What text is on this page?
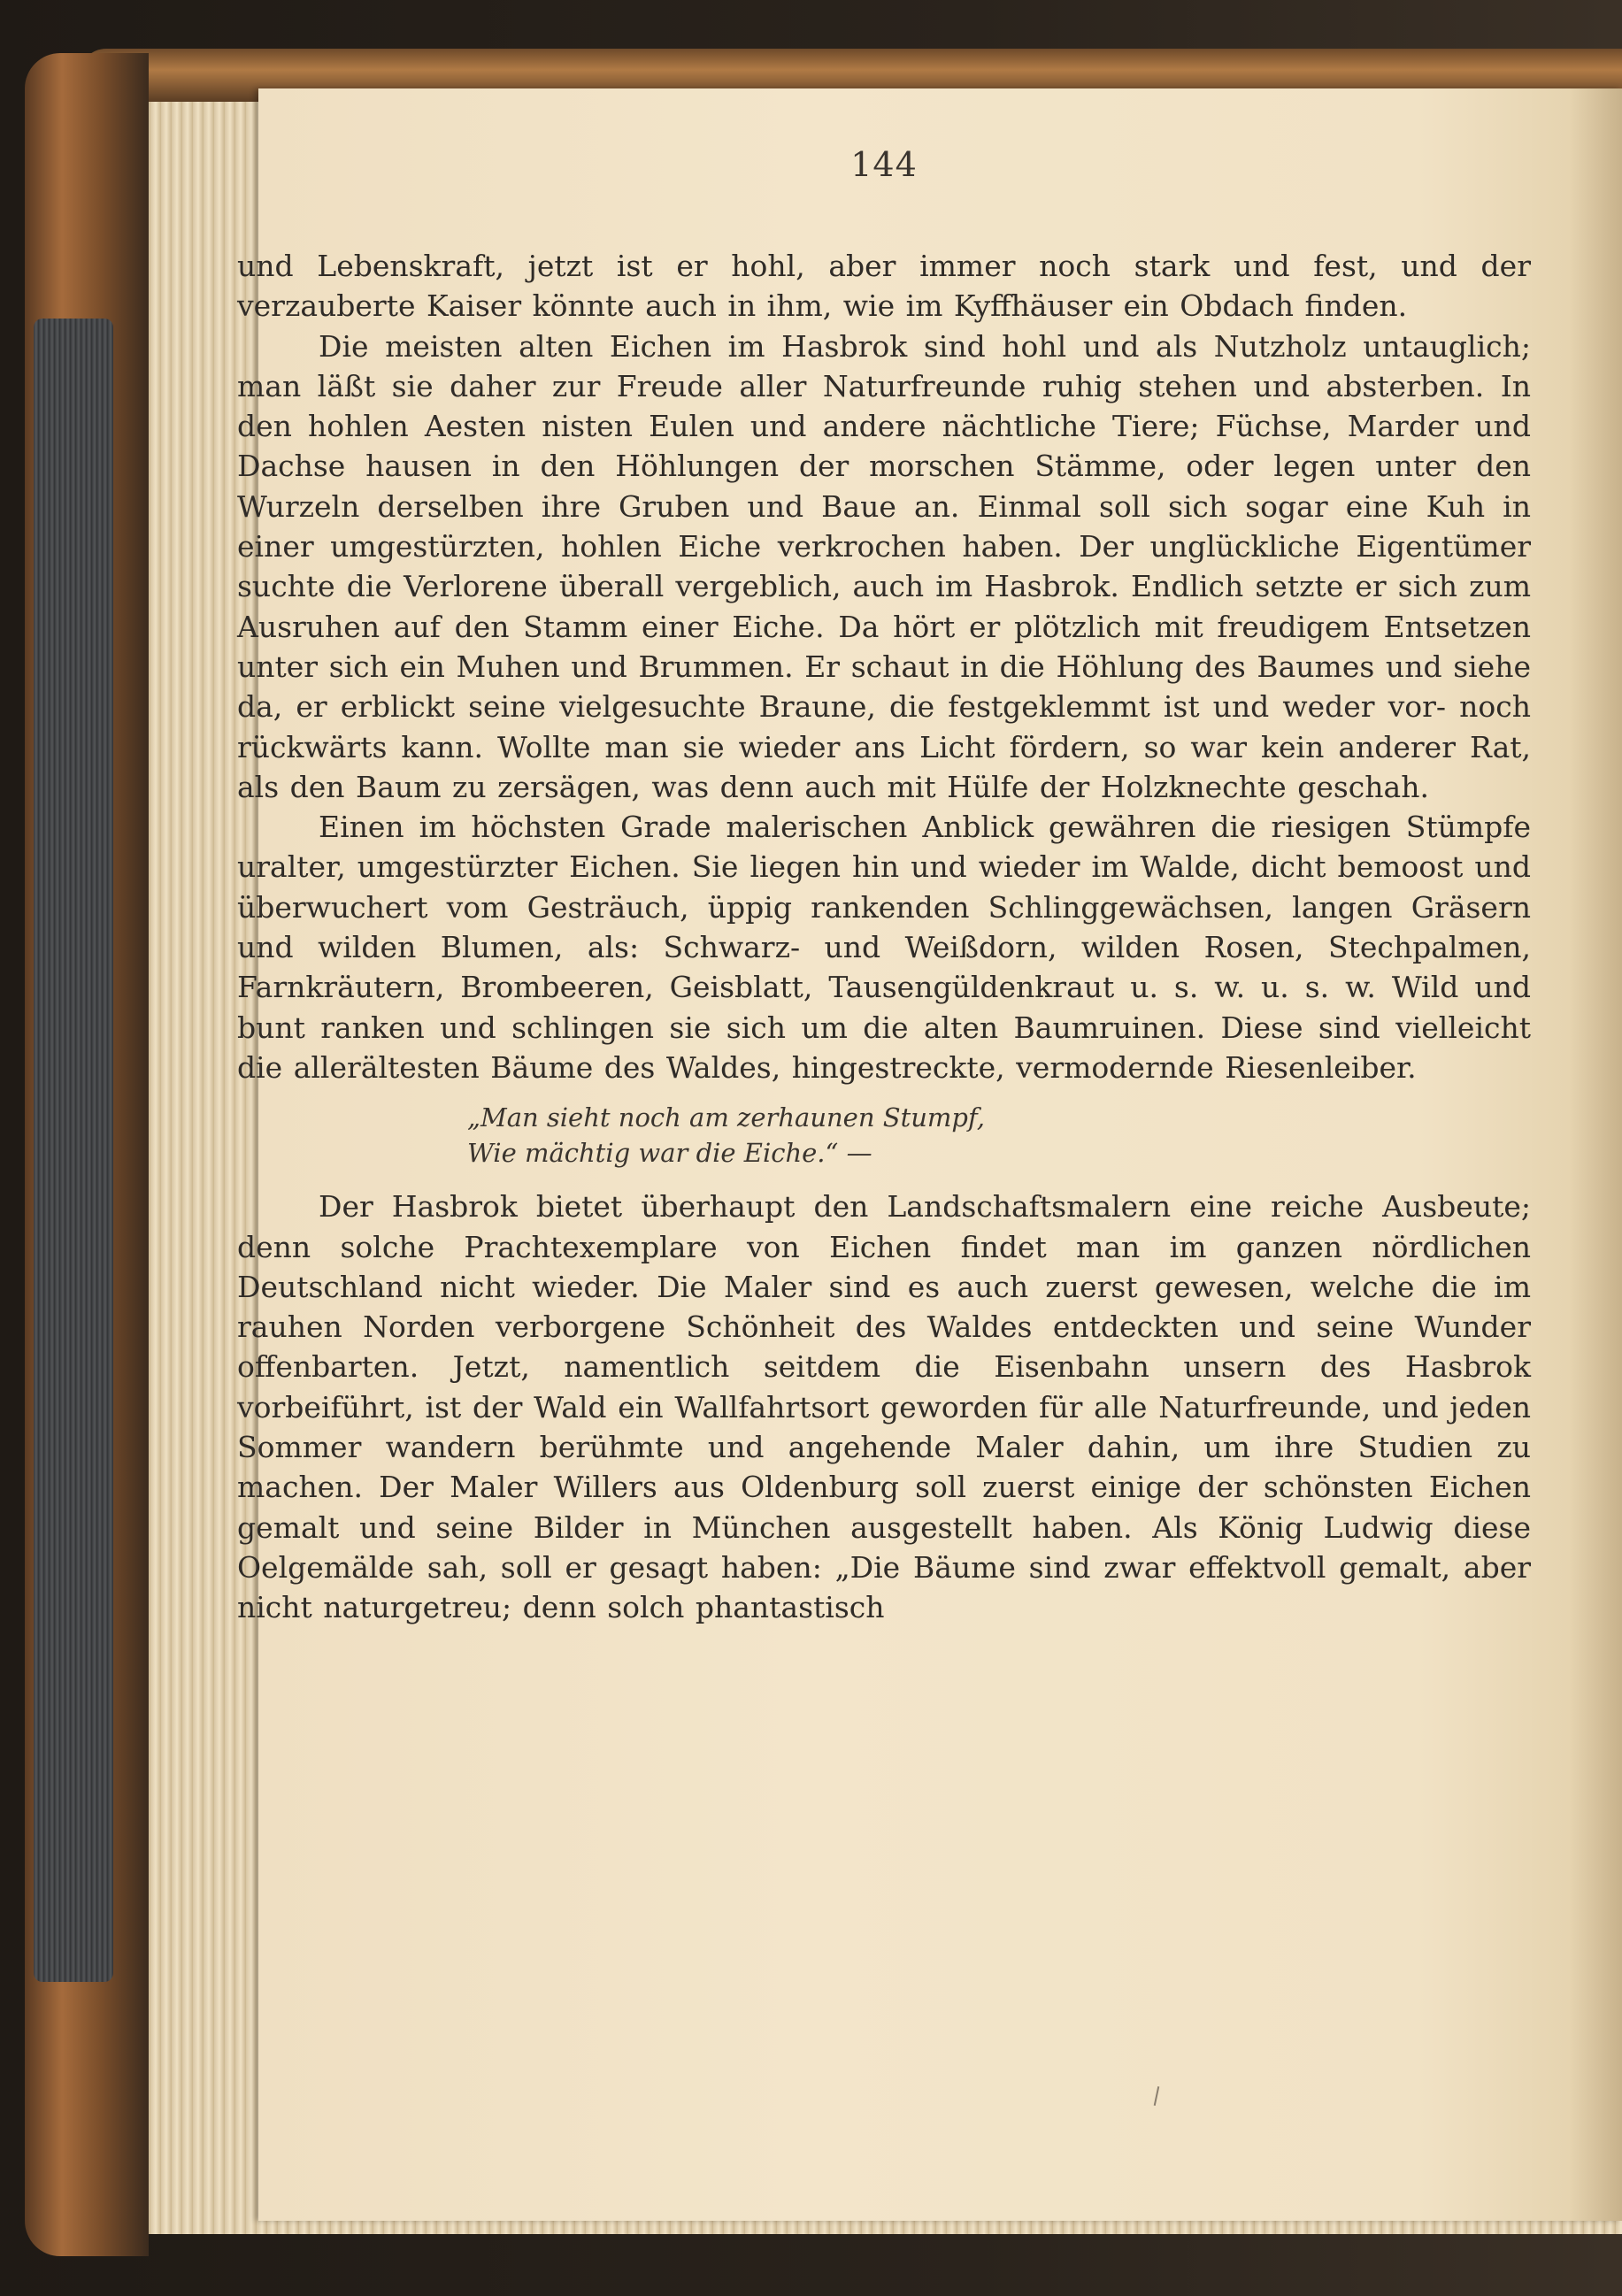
144

und Lebenskraft, jetzt ist er hohl, aber immer noch stark und fest, und der verzauberte Kaiser könnte auch in ihm, wie im Kyffhäuser ein Obdach finden.

Die meisten alten Eichen im Hasbrok sind hohl und als Nutzholz untauglich; man läßt sie daher zur Freude aller Naturfreunde ruhig stehen und absterben. In den hohlen Aesten nisten Eulen und andere nächtliche Tiere; Füchse, Marder und Dachse hausen in den Höhlungen der morschen Stämme, oder legen unter den Wurzeln derselben ihre Gruben und Baue an. Einmal soll sich sogar eine Kuh in einer umgestürzten, hohlen Eiche verkrochen haben. Der unglückliche Eigentümer suchte die Verlorene überall vergeblich, auch im Hasbrok. Endlich setzte er sich zum Ausruhen auf den Stamm einer Eiche. Da hört er plötzlich mit freudigem Entsetzen unter sich ein Muhen und Brummen. Er schaut in die Höhlung des Baumes und siehe da, er erblickt seine vielgesuchte Braune, die festgeklemmt ist und weder vor- noch rückwärts kann. Wollte man sie wieder ans Licht fördern, so war kein anderer Rat, als den Baum zu zersägen, was denn auch mit Hülfe der Holzknechte geschah.

Einen im höchsten Grade malerischen Anblick gewähren die riesigen Stümpfe uralter, umgestürzter Eichen. Sie liegen hin und wieder im Walde, dicht bemoost und überwuchert vom Gesträuch, üppig rankenden Schlinggewächsen, langen Gräsern und wilden Blumen, als: Schwarz- und Weißdorn, wilden Rosen, Stechpalmen, Farnkräutern, Brombeeren, Geisblatt, Tausengüldenkraut u. s. w. u. s. w. Wild und bunt ranken und schlingen sie sich um die alten Baumruinen. Diese sind vielleicht die allerältesten Bäume des Waldes, hingestreckte, vermodernde Riesenleiber.

„Man sieht noch am zerhaunen Stumpf,
Wie mächtig war die Eiche.“ —

Der Hasbrok bietet überhaupt den Landschaftsmalern eine reiche Ausbeute; denn solche Prachtexemplare von Eichen findet man im ganzen nördlichen Deutschland nicht wieder. Die Maler sind es auch zuerst gewesen, welche die im rauhen Norden verborgene Schönheit des Waldes entdeckten und seine Wunder offenbarten. Jetzt, namentlich seitdem die Eisenbahn unsern des Hasbrok vorbeiführt, ist der Wald ein Wallfahrtsort geworden für alle Naturfreunde, und jeden Sommer wandern berühmte und angehende Maler dahin, um ihre Studien zu machen. Der Maler Willers aus Oldenburg soll zuerst einige der schönsten Eichen gemalt und seine Bilder in München ausgestellt haben. Als König Ludwig diese Oelgemälde sah, soll er gesagt haben: „Die Bäume sind zwar effektvoll gemalt, aber nicht naturgetreu; denn solch phantastisch
